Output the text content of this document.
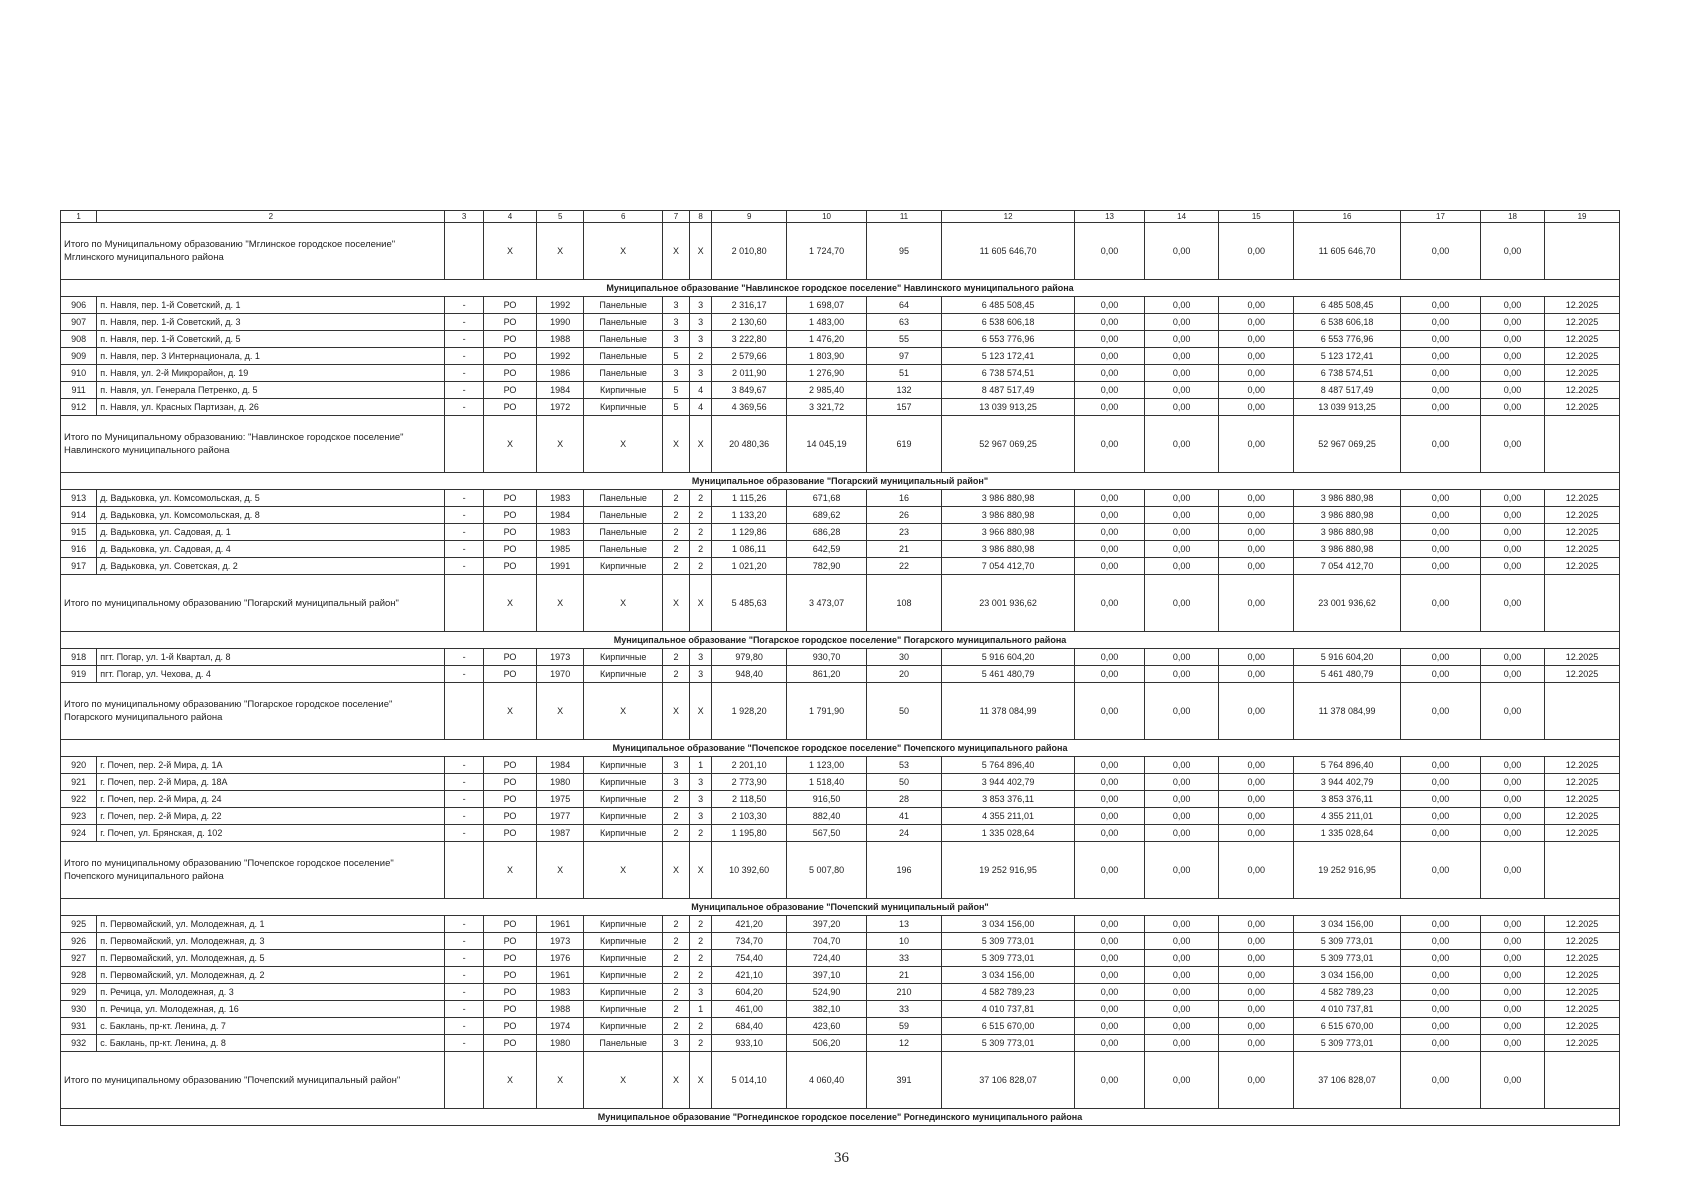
1	2	3	4	5	6	7	8	9	10	11	12	13	14	15	16	17	18	19
Итого по Муниципальному образованию "Мглинское городское поселение" Мглинского муниципального района			Х	Х	Х	Х	Х	2 010,80	1 724,70	95	11 605 646,70	0,00	0,00	0,00	11 605 646,70	0,00	0,00	
Муниципальное образование "Навлинское городское поселение" Навлинского муниципального района																		
906	п. Навля, пер. 1-й Советский, д. 1	-	РО	1992	Панельные	3	3	2 316,17	1 698,07	64	6 485 508,45	0,00	0,00	0,00	6 485 508,45	0,00	0,00	12.2025
907	п. Навля, пер. 1-й Советский, д. 3	-	РО	1990	Панельные	3	3	2 130,60	1 483,00	63	6 538 606,18	0,00	0,00	0,00	6 538 606,18	0,00	0,00	12.2025
908	п. Навля, пер. 1-й Советский, д. 5	-	РО	1988	Панельные	3	3	3 222,80	1 476,20	55	6 553 776,96	0,00	0,00	0,00	6 553 776,96	0,00	0,00	12.2025
909	п. Навля, пер. 3 Интернационала, д. 1	-	РО	1992	Панельные	5	2	2 579,66	1 803,90	97	5 123 172,41	0,00	0,00	0,00	5 123 172,41	0,00	0,00	12.2025
910	п. Навля, ул. 2-й Микрорайон, д. 19	-	РО	1986	Панельные	3	3	2 011,90	1 276,90	51	6 738 574,51	0,00	0,00	0,00	6 738 574,51	0,00	0,00	12.2025
911	п. Навля, ул. Генерала Петренко, д. 5	-	РО	1984	Кирпичные	5	4	3 849,67	2 985,40	132	8 487 517,49	0,00	0,00	0,00	8 487 517,49	0,00	0,00	12.2025
912	п. Навля, ул. Красных Партизан, д. 26	-	РО	1972	Кирпичные	5	4	4 369,56	3 321,72	157	13 039 913,25	0,00	0,00	0,00	13 039 913,25	0,00	0,00	12.2025
Итого по Муниципальному образованию: "Навлинское городское поселение" Навлинского муниципального района			Х	Х	Х	Х	Х	20 480,36	14 045,19	619	52 967 069,25	0,00	0,00	0,00	52 967 069,25	0,00	0,00	
Муниципальное образование "Погарский муниципальный район"																		
913	д. Вадьковка, ул. Комсомольская, д. 5	-	РО	1983	Панельные	2	2	1 115,26	671,68	16	3 986 880,98	0,00	0,00	0,00	3 986 880,98	0,00	0,00	12.2025
914	д. Вадьковка, ул. Комсомольская, д. 8	-	РО	1984	Панельные	2	2	1 133,20	689,62	26	3 986 880,98	0,00	0,00	0,00	3 986 880,98	0,00	0,00	12.2025
915	д. Вадьковка, ул. Садовая, д. 1	-	РО	1983	Панельные	2	2	1 129,86	686,28	23	3 966 880,98	0,00	0,00	0,00	3 986 880,98	0,00	0,00	12.2025
916	д. Вадьковка, ул. Садовая, д. 4	-	РО	1985	Панельные	2	2	1 086,11	642,59	21	3 986 880,98	0,00	0,00	0,00	3 986 880,98	0,00	0,00	12.2025
917	д. Вадьковка, ул. Советская, д. 2	-	РО	1991	Кирпичные	2	2	1 021,20	782,90	22	7 054 412,70	0,00	0,00	0,00	7 054 412,70	0,00	0,00	12.2025
Итого по муниципальному образованию "Погарский муниципальный район"			Х	Х	Х	Х	Х	5 485,63	3 473,07	108	23 001 936,62	0,00	0,00	0,00	23 001 936,62	0,00	0,00	
Муниципальное образование "Погарское городское поселение" Погарского муниципального района																		
918	пгт. Погар, ул. 1-й Квартал, д. 8	-	РО	1973	Кирпичные	2	3	979,80	930,70	30	5 916 604,20	0,00	0,00	0,00	5 916 604,20	0,00	0,00	12.2025
919	пгт. Погар, ул. Чехова, д. 4	-	РО	1970	Кирпичные	2	3	948,40	861,20	20	5 461 480,79	0,00	0,00	0,00	5 461 480,79	0,00	0,00	12.2025
Итого по муниципальному образованию "Погарское городское поселение" Погарского муниципального района			Х	Х	Х	Х	Х	1 928,20	1 791,90	50	11 378 084,99	0,00	0,00	0,00	11 378 084,99	0,00	0,00	
Муниципальное образование "Почепское городское поселение" Почепского муниципального района																		
920	г. Почеп, пер. 2-й Мира, д. 1А	-	РО	1984	Кирпичные	3	1	2 201,10	1 123,00	53	5 764 896,40	0,00	0,00	0,00	5 764 896,40	0,00	0,00	12.2025
921	г. Почеп, пер. 2-й Мира, д. 18А	-	РО	1980	Кирпичные	3	3	2 773,90	1 518,40	50	3 944 402,79	0,00	0,00	0,00	3 944 402,79	0,00	0,00	12.2025
922	г. Почеп, пер. 2-й Мира, д. 24	-	РО	1975	Кирпичные	2	3	2 118,50	916,50	28	3 853 376,11	0,00	0,00	0,00	3 853 376,11	0,00	0,00	12.2025
923	г. Почеп, пер. 2-й Мира, д. 22	-	РО	1977	Кирпичные	2	3	2 103,30	882,40	41	4 355 211,01	0,00	0,00	0,00	4 355 211,01	0,00	0,00	12.2025
924	г. Почеп, ул. Брянская, д. 102	-	РО	1987	Кирпичные	2	2	1 195,80	567,50	24	1 335 028,64	0,00	0,00	0,00	1 335 028,64	0,00	0,00	12.2025
Итого по муниципальному образованию "Почепское городское поселение" Почепского муниципального района			Х	Х	Х	Х	Х	10 392,60	5 007,80	196	19 252 916,95	0,00	0,00	0,00	19 252 916,95	0,00	0,00	
Муниципальное образование "Почепский муниципальный район"																		
925	п. Первомайский, ул. Молодежная, д. 1	-	РО	1961	Кирпичные	2	2	421,20	397,20	13	3 034 156,00	0,00	0,00	0,00	3 034 156,00	0,00	0,00	12.2025
926	п. Первомайский, ул. Молодежная, д. 3	-	РО	1973	Кирпичные	2	2	734,70	704,70	10	5 309 773,01	0,00	0,00	0,00	5 309 773,01	0,00	0,00	12.2025
927	п. Первомайский, ул. Молодежная, д. 5	-	РО	1976	Кирпичные	2	2	754,40	724,40	33	5 309 773,01	0,00	0,00	0,00	5 309 773,01	0,00	0,00	12.2025
928	п. Первомайский, ул. Молодежная, д. 2	-	РО	1961	Кирпичные	2	2	421,10	397,10	21	3 034 156,00	0,00	0,00	0,00	3 034 156,00	0,00	0,00	12.2025
929	п. Речица, ул. Молодежная, д. 3	-	РО	1983	Кирпичные	2	3	604,20	524,90	210	4 582 789,23	0,00	0,00	0,00	4 582 789,23	0,00	0,00	12.2025
930	п. Речица, ул. Молодежная, д. 16	-	РО	1988	Кирпичные	2	1	461,00	382,10	33	4 010 737,81	0,00	0,00	0,00	4 010 737,81	0,00	0,00	12.2025
931	с. Баклань, пр-кт. Ленина, д. 7	-	РО	1974	Кирпичные	2	2	684,40	423,60	59	6 515 670,00	0,00	0,00	0,00	6 515 670,00	0,00	0,00	12.2025
932	с. Баклань, пр-кт. Ленина, д. 8	-	РО	1980	Панельные	3	2	933,10	506,20	12	5 309 773,01	0,00	0,00	0,00	5 309 773,01	0,00	0,00	12.2025
Итого по муниципальному образованию "Почепский муниципальный район"			Х	Х	Х	Х	Х	5 014,10	4 060,40	391	37 106 828,07	0,00	0,00	0,00	37 106 828,07	0,00	0,00	
Муниципальное образование "Рогнединское городское поселение" Рогнединского муниципального района																		
36
